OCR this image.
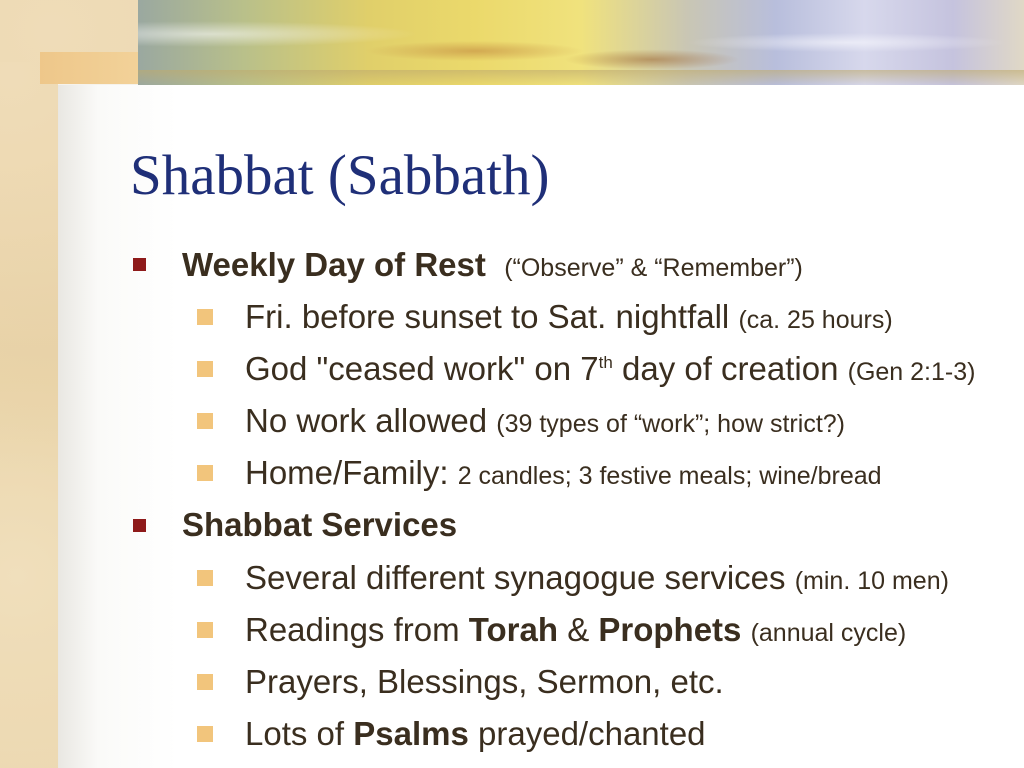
Shabbat (Sabbath)
Weekly Day of Rest (“Observe” & “Remember”)
Fri. before sunset to Sat. nightfall (ca. 25 hours)
God "ceased work" on 7th day of creation (Gen 2:1-3)
No work allowed (39 types of “work”; how strict?)
Home/Family: 2 candles; 3 festive meals; wine/bread
Shabbat Services
Several different synagogue services (min. 10 men)
Readings from Torah & Prophets (annual cycle)
Prayers, Blessings, Sermon, etc.
Lots of Psalms prayed/chanted
